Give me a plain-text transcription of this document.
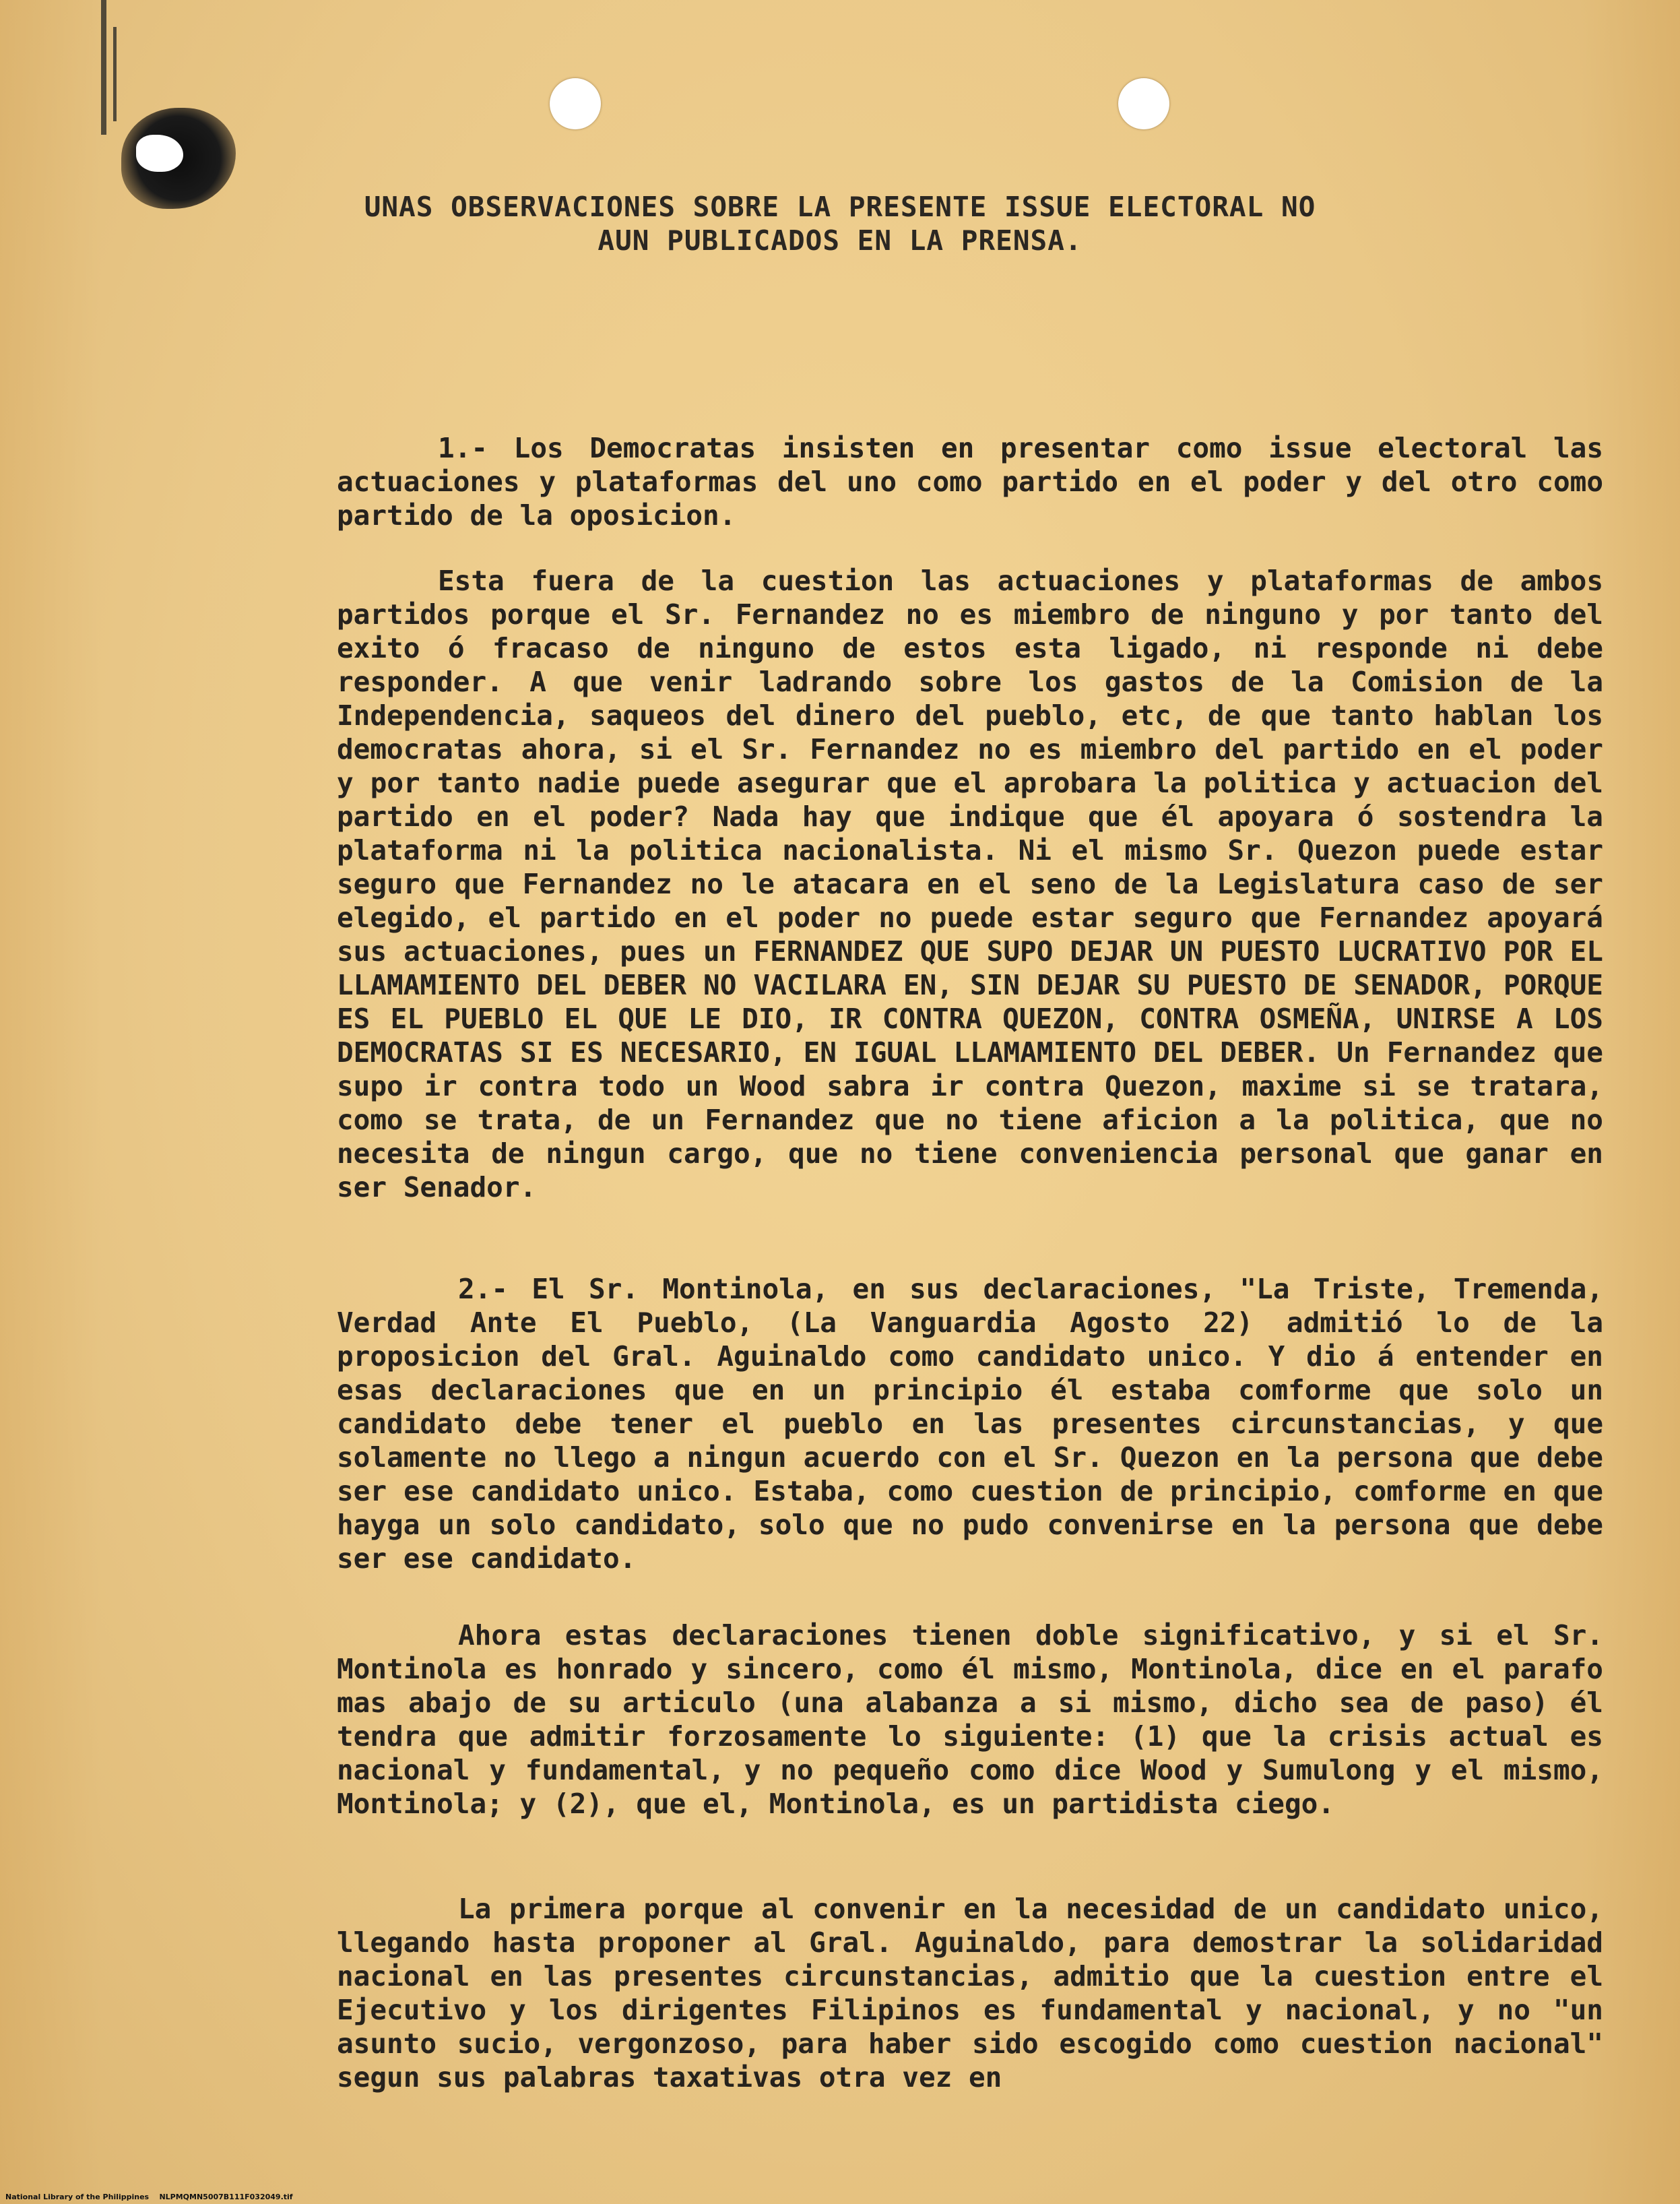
UNAS OBSERVACIONES SOBRE LA PRESENTE ISSUE ELECTORAL NO

AUN PUBLICADOS EN LA PRENSA.

1.- Los Democratas insisten en presentar como issue electoral las actuaciones y plataformas del uno como partido en el poder y del otro como partido de la oposicion.

Esta fuera de la cuestion las actuaciones y plataformas de ambos partidos porque el Sr. Fernandez no es miembro de ninguno y por tanto del exito ó fracaso de ninguno de estos esta ligado, ni responde ni debe responder. A que venir ladrando sobre los gastos de la Comision de la Independencia, saqueos del dinero del pueblo, etc, de que tanto hablan los democratas ahora, si el Sr. Fernandez no es miembro del partido en el poder y por tanto nadie puede asegurar que el aprobara la politica y actuacion del partido en el poder? Nada hay que indique que él apoyara ó sostendra la plataforma ni la politica nacionalista. Ni el mismo Sr. Quezon puede estar seguro que Fernandez no le atacara en el seno de la Legislatura caso de ser elegido, el partido en el poder no puede estar seguro que Fernandez apoyará sus actuaciones, pues un FERNANDEZ QUE SUPO DEJAR UN PUESTO LUCRATIVO POR EL LLAMAMIENTO DEL DEBER NO VACILARA EN, SIN DEJAR SU PUESTO DE SENADOR, PORQUE ES EL PUEBLO EL QUE LE DIO, IR CONTRA QUEZON, CONTRA OSMEÑA, UNIRSE A LOS DEMOCRATAS SI ES NECESARIO, EN IGUAL LLAMAMIENTO DEL DEBER. Un Fernandez que supo ir contra todo un Wood sabra ir contra Quezon, maxime si se tratara, como se trata, de un Fernandez que no tiene aficion a la politica, que no necesita de ningun cargo, que no tiene conveniencia personal que ganar en ser Senador.

2.- El Sr. Montinola, en sus declaraciones, "La Triste, Tremenda, Verdad Ante El Pueblo, (La Vanguardia Agosto 22) admitió lo de la proposicion del Gral. Aguinaldo como candidato unico. Y dio á entender en esas declaraciones que en un principio él estaba comforme que solo un candidato debe tener el pueblo en las presentes circunstancias, y que solamente no llego a ningun acuerdo con el Sr. Quezon en la persona que debe ser ese candidato unico. Estaba, como cuestion de principio, comforme en que hayga un solo candidato, solo que no pudo convenirse en la persona que debe ser ese candidato.

Ahora estas declaraciones tienen doble significativo, y si el Sr. Montinola es honrado y sincero, como él mismo, Montinola, dice en el parafo mas abajo de su articulo (una alabanza a si mismo, dicho sea de paso) él tendra que admitir forzosamente lo siguiente: (1) que la crisis actual es nacional y fundamental, y no pequeño como dice Wood y Sumulong y el mismo, Montinola; y (2), que el, Montinola, es un partidista ciego.

La primera porque al convenir en la necesidad de un candidato unico, llegando hasta proponer al Gral. Aguinaldo, para demostrar la solidaridad nacional en las presentes circunstancias, admitio que la cuestion entre el Ejecutivo y los dirigentes Filipinos es fundamental y nacional, y no "un asunto sucio, vergonzoso, para haber sido escogido como cuestion nacional" segun sus palabras taxativas otra vez en

National Library of the Philippines NLPMQMN5007B111F032049.tif
